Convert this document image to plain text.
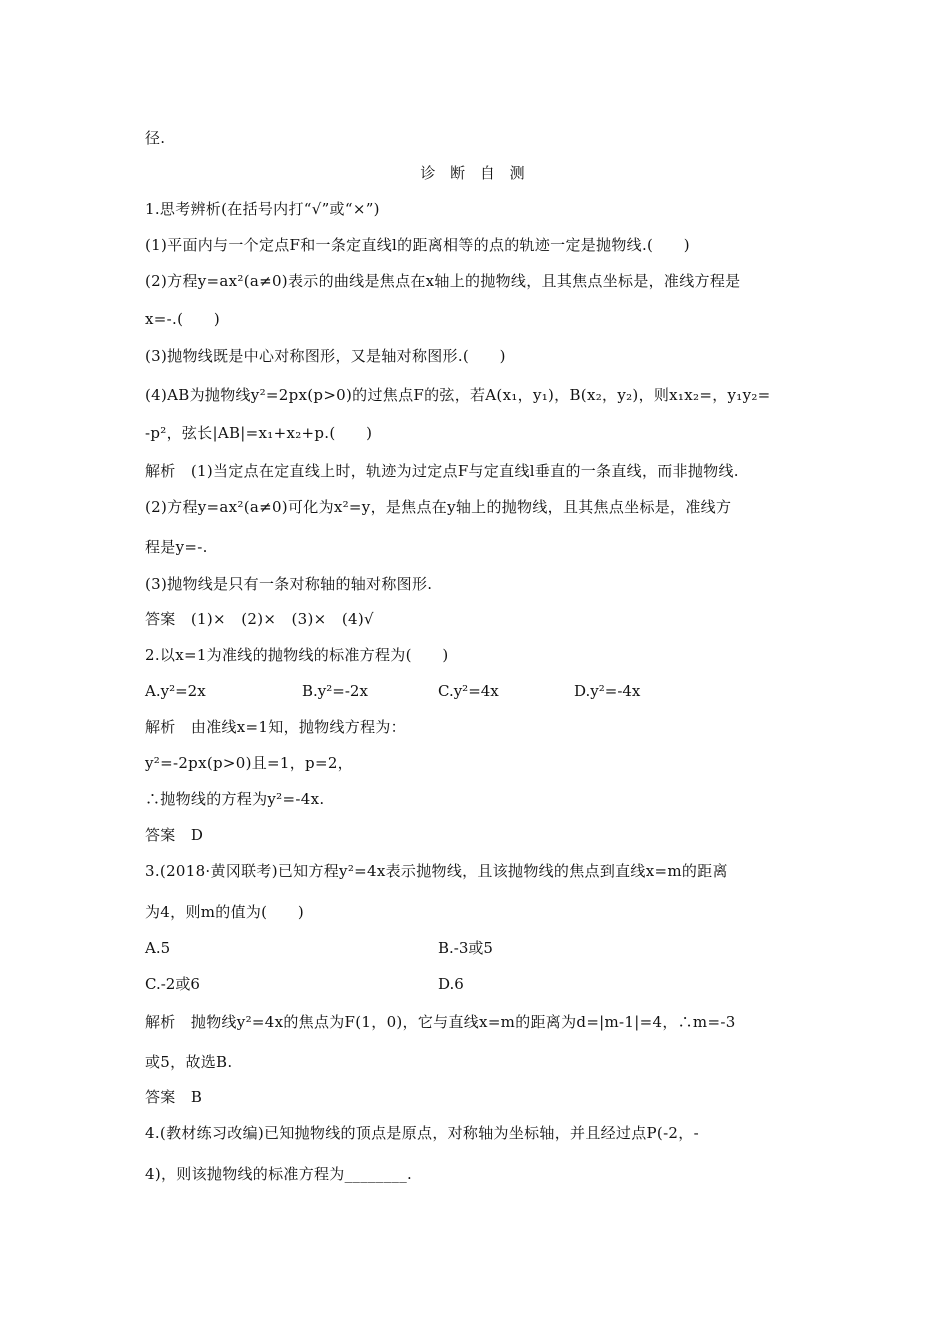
径.
诊 断 自 测
1.思考辨析(在括号内打“√”或“×”)
(1)平面内与一个定点F和一条定直线l的距离相等的点的轨迹一定是抛物线.(　　)
(2)方程y=ax²(a≠0)表示的曲线是焦点在x轴上的抛物线，且其焦点坐标是，准线方程是
x=-.(　　)
(3)抛物线既是中心对称图形，又是轴对称图形.(　　)
(4)AB为抛物线y²=2px(p>0)的过焦点F的弦，若A(x₁，y₁)，B(x₂，y₂)，则x₁x₂=，y₁y₂=
-p²，弦长|AB|=x₁+x₂+p.(　　)
解析　(1)当定点在定直线上时，轨迹为过定点F与定直线l垂直的一条直线，而非抛物线.
(2)方程y=ax²(a≠0)可化为x²=y，是焦点在y轴上的抛物线，且其焦点坐标是，准线方
程是y=-.
(3)抛物线是只有一条对称轴的轴对称图形.
答案　(1)×　(2)×　(3)×　(4)√
2.以x=1为准线的抛物线的标准方程为(　　)
A.y²=2x	B.y²=-2x	C.y²=4x	D.y²=-4x
解析　由准线x=1知，抛物线方程为：
y²=-2px(p>0)且=1，p=2，
∴抛物线的方程为y²=-4x.
答案　D
3.(2018·黄冈联考)已知方程y²=4x表示抛物线，且该抛物线的焦点到直线x=m的距离
为4，则m的值为(　　)
A.5	B.-3或5
C.-2或6	D.6
解析　抛物线y²=4x的焦点为F(1，0)，它与直线x=m的距离为d=|m-1|=4，∴m=-3
或5，故选B.
答案　B
4.(教材练习改编)已知抛物线的顶点是原点，对称轴为坐标轴，并且经过点P(-2，-
4)，则该抛物线的标准方程为________.
